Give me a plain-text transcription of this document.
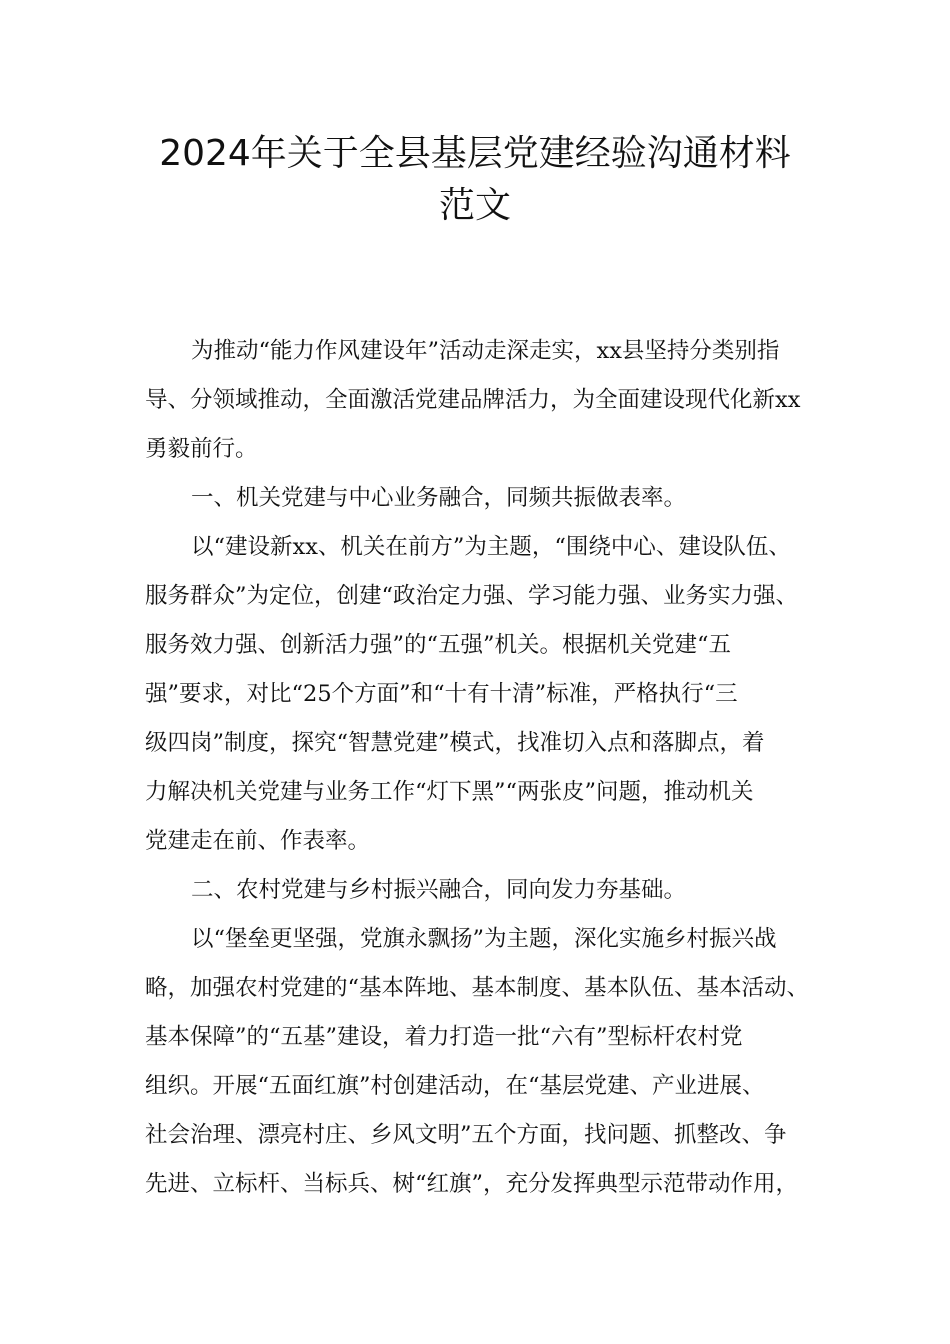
2024年关于全县基层党建经验沟通材料
范文

为推动“能力作风建设年”活动走深走实，xx县坚持分类别指
导、分领域推动，全面激活党建品牌活力，为全面建设现代化新xx
勇毅前行。

一、机关党建与中心业务融合，同频共振做表率。

以“建设新xx、机关在前方”为主题，“围绕中心、建设队伍、
服务群众”为定位，创建“政治定力强、学习能力强、业务实力强、
服务效力强、创新活力强”的“五强”机关。根据机关党建“五
强”要求，对比“25个方面”和“十有十清”标准，严格执行“三
级四岗”制度，探究“智慧党建”模式，找准切入点和落脚点，着
力解决机关党建与业务工作“灯下黑”“两张皮”问题，推动机关
党建走在前、作表率。

二、农村党建与乡村振兴融合，同向发力夯基础。

以“堡垒更坚强，党旗永飘扬”为主题，深化实施乡村振兴战
略，加强农村党建的“基本阵地、基本制度、基本队伍、基本活动、
基本保障”的“五基”建设，着力打造一批“六有”型标杆农村党
组织。开展“五面红旗”村创建活动，在“基层党建、产业进展、
社会治理、漂亮村庄、乡风文明”五个方面，找问题、抓整改、争
先进、立标杆、当标兵、树“红旗”，充分发挥典型示范带动作用，
